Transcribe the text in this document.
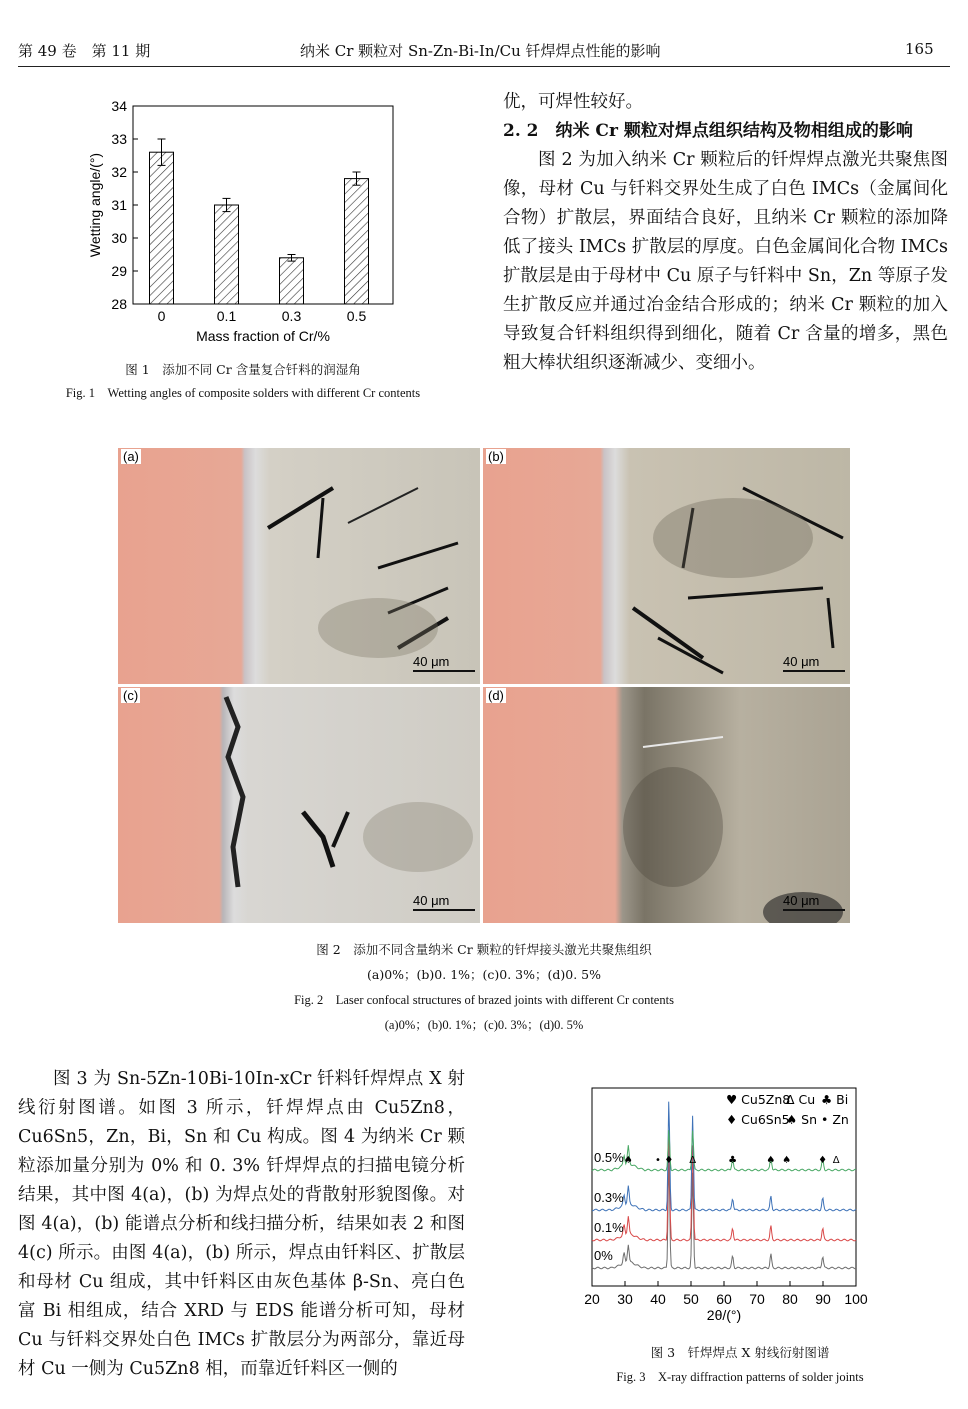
第 49 卷　第 11 期	纳米 Cr 颗粒对 Sn-Zn-Bi-In/Cu 钎焊焊点性能的影响	165
28
29
30
31
32
33
34
0	0.1	0.3	0.5
Mass fraction of Cr/%
Wetting angle/(°)
图 1　添加不同 Cr 含量复合钎料的润湿角
Fig. 1　Wetting angles of composite solders with different Cr contents

优，可焊性较好。

2. 2　纳米 Cr 颗粒对焊点组织结构及物相组成的影响

图 2 为加入纳米 Cr 颗粒后的钎焊焊点激光共聚焦图像，母材 Cu 与钎料交界处生成了白色 IMCs（金属间化合物）扩散层，界面结合良好，且纳米 Cr 颗粒的添加降低了接头 IMCs 扩散层的厚度。白色金属间化合物 IMCs 扩散层是由于母材中 Cu 原子与钎料中 Sn，Zn 等原子发生扩散反应并通过冶金结合形成的；纳米 Cr 颗粒的加入导致复合钎料组织得到细化，随着 Cr 含量的增多，黑色粗大棒状组织逐渐减少、变细小。

(a)
40 μm
(b)
40 μm
(c)
40 μm
(d)
40 μm
图 2　添加不同含量纳米 Cr 颗粒的钎焊接头激光共聚焦组织
(a)0%；(b)0. 1%；(c)0. 3%；(d)0. 5%
Fig. 2　Laser confocal structures of brazed joints with different Cr contents
(a)0%；(b)0. 1%；(c)0. 3%；(d)0. 5%

图 3 为 Sn-5Zn-10Bi-10In-xCr 钎料钎焊焊点 X 射线衍射图谱。如图 3 所示，钎焊焊点由 Cu5Zn8，Cu6Sn5，Zn，Bi，Sn 和 Cu 构成。图 4 为纳米 Cr 颗粒添加量分别为 0% 和 0. 3% 钎焊焊点的扫描电镜分析结果，其中图 4(a)，(b) 为焊点处的背散射形貌图像。对图 4(a)，(b) 能谱点分析和线扫描分析，结果如表 2 和图 4(c) 所示。由图 4(a)，(b) 所示，焊点由钎料区、扩散层和母材 Cu 组成，其中钎料区由灰色基体 β-Sn、亮白色富 Bi 相组成，结合 XRD 与 EDS 能谱分析可知，母材 Cu 与钎料交界处白色 IMCs 扩散层分为两部分，靠近母材 Cu 一侧为 Cu5Zn8 相，而靠近钎料区一侧的

20 30 40 50 60 70 80 90 100
0%
0.1%
0.3%
0.5%
♥ Cu5Zn8
Δ Cu ♣ Bi
♦ Cu6Sn5
♠ Sn • Zn
♠ • ♦ Δ	♣	♠ ♠	♦ Δ
2θ/(°)
图 3　钎焊焊点 X 射线衍射图谱
Fig. 3　X-ray diffraction patterns of solder joints
